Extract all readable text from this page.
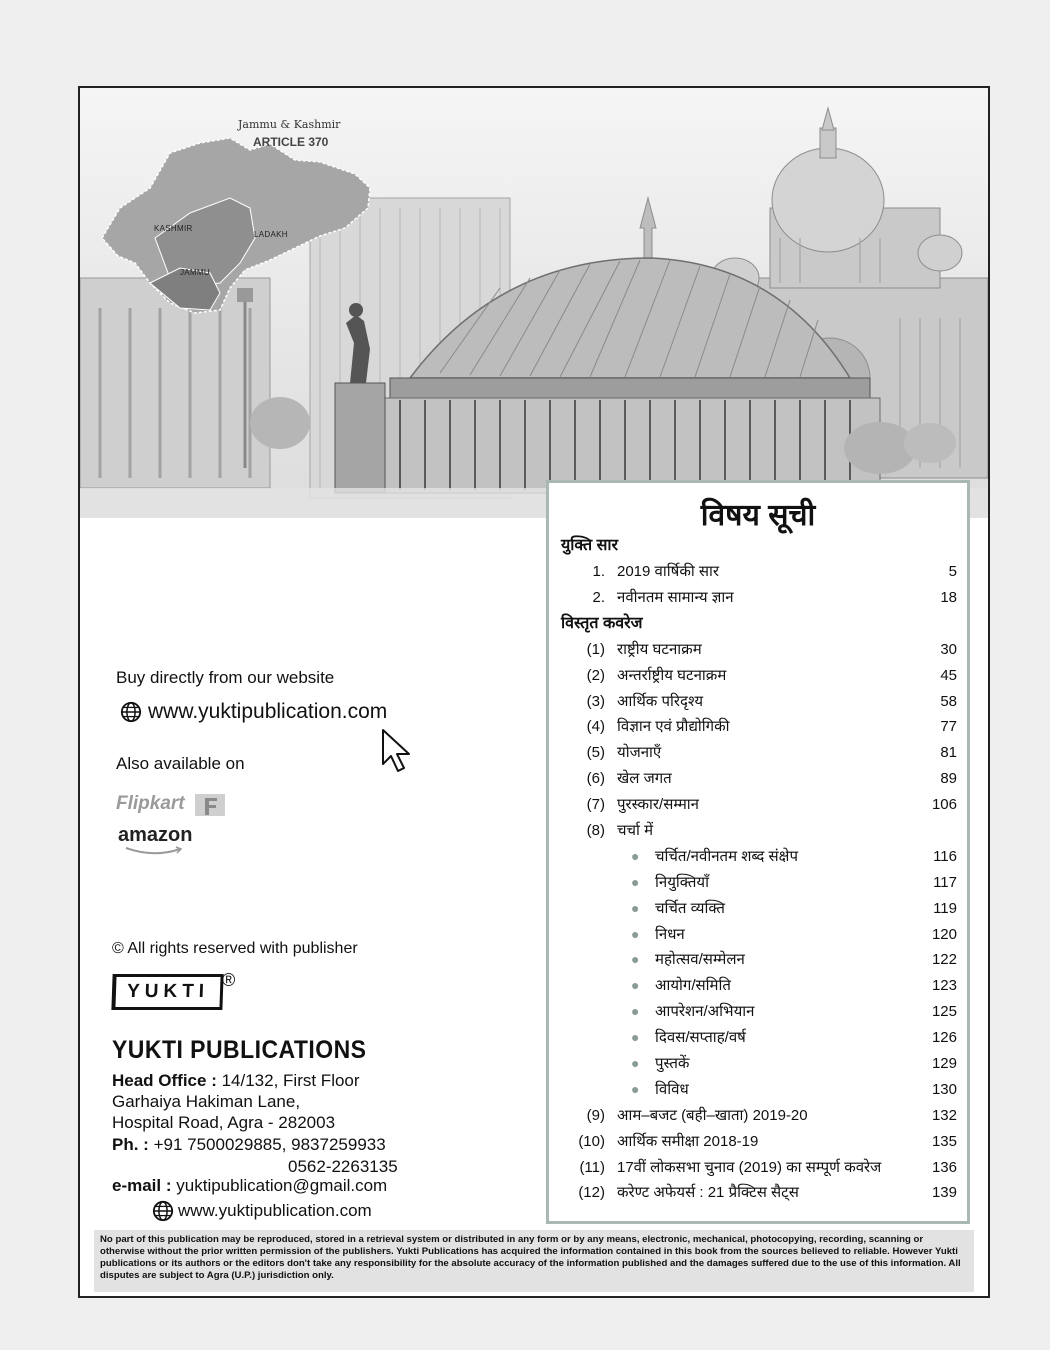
Jammu & Kashmir
ARTICLE 370
KASHMIR
LADAKH
JAMMU
Buy directly from our website
www.yuktipublication.com
Also available on
Flipkart
amazon
© All rights reserved with publisher
YUKTI
®
YUKTI PUBLICATIONS
Head Office : 14/132, First Floor
Garhaiya Hakiman Lane,
Hospital Road, Agra - 282003
Ph. : +91 7500029885, 9837259933
0562-2263135
e-mail : yuktipublication@gmail.com
www.yuktipublication.com
विषय सूची
युक्ति सार
1. 2019 वार्षिकी सार	5
2. नवीनतम सामान्य ज्ञान	18
विस्तृत कवरेज
(1) राष्ट्रीय घटनाक्रम	30
(2) अन्तर्राष्ट्रीय घटनाक्रम	45
(3) आर्थिक परिदृश्य	58
(4) विज्ञान एवं प्रौद्योगिकी	77
(5) योजनाएँ	81
(6) खेल जगत	89
(7) पुरस्कार/सम्मान	106
(8) चर्चा में
●	चर्चित/नवीनतम शब्द संक्षेप	116
●	नियुक्तियाँ	117
●	चर्चित व्यक्ति	119
●	निधन	120
●	महोत्सव/सम्मेलन	122
●	आयोग/समिति	123
●	आपरेशन/अभियान	125
●	दिवस/सप्ताह/वर्ष	126
●	पुस्तकें	129
●	विविध	130
(9) आम–बजट (बही–खाता) 2019-20	132
(10) आर्थिक समीक्षा 2018-19	135
(11) 17वीं लोकसभा चुनाव (2019) का सम्पूर्ण कवरेज	136
(12) करेण्ट अफेयर्स : 21 प्रैक्टिस सैट्स	139
No part of this publication may be reproduced, stored in a retrieval system or distributed in any form or by any means, electronic, mechanical, photocopying, recording, scanning or otherwise without the prior written permission of the publishers. Yukti Publications has acquired the information contained in this book from the sources believed to reliable. However Yukti publications or its authors or the editors don't take any responsibility for the absolute accuracy of the information published and the damages suffered due to the use of this information. All disputes are subject to Agra (U.P.) jurisdiction only.
